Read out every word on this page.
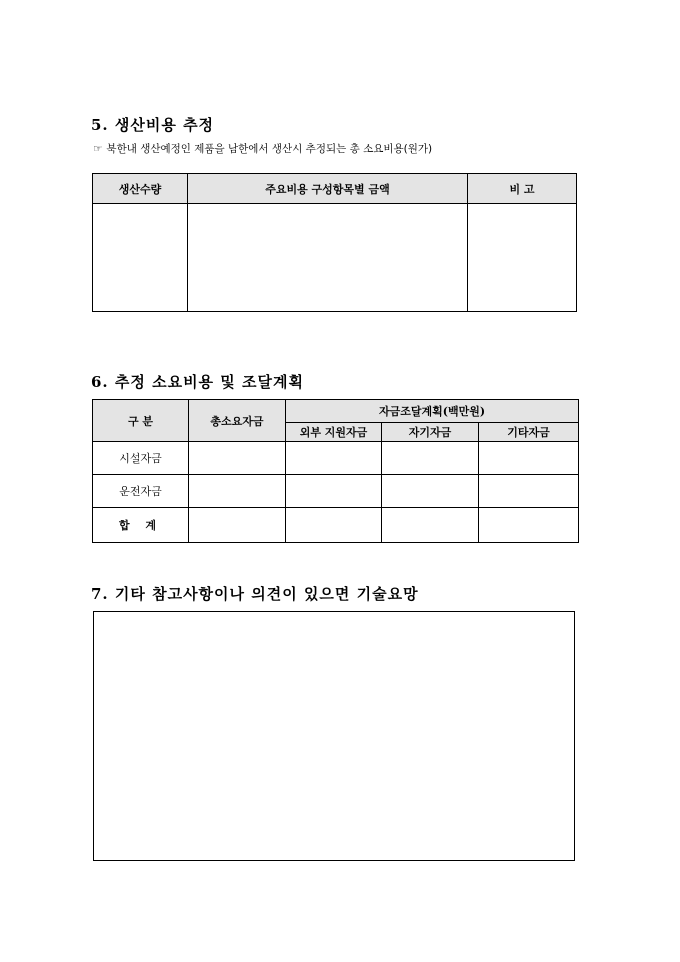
5. 생산비용 추정
☞ 북한내 생산예정인 제품을 남한에서 생산시 추정되는 총 소요비용(원가)
생산수량	주요비용 구성항목별 금액	비 고

6. 추정 소요비용 및 조달계획
구 분	총소요자금	자금조달계획(백만원)		
		외부 지원자금	자기자금	기타자금
시설자금				
운전자금				
합 계				
7. 기타 참고사항이나 의견이 있으면 기술요망
